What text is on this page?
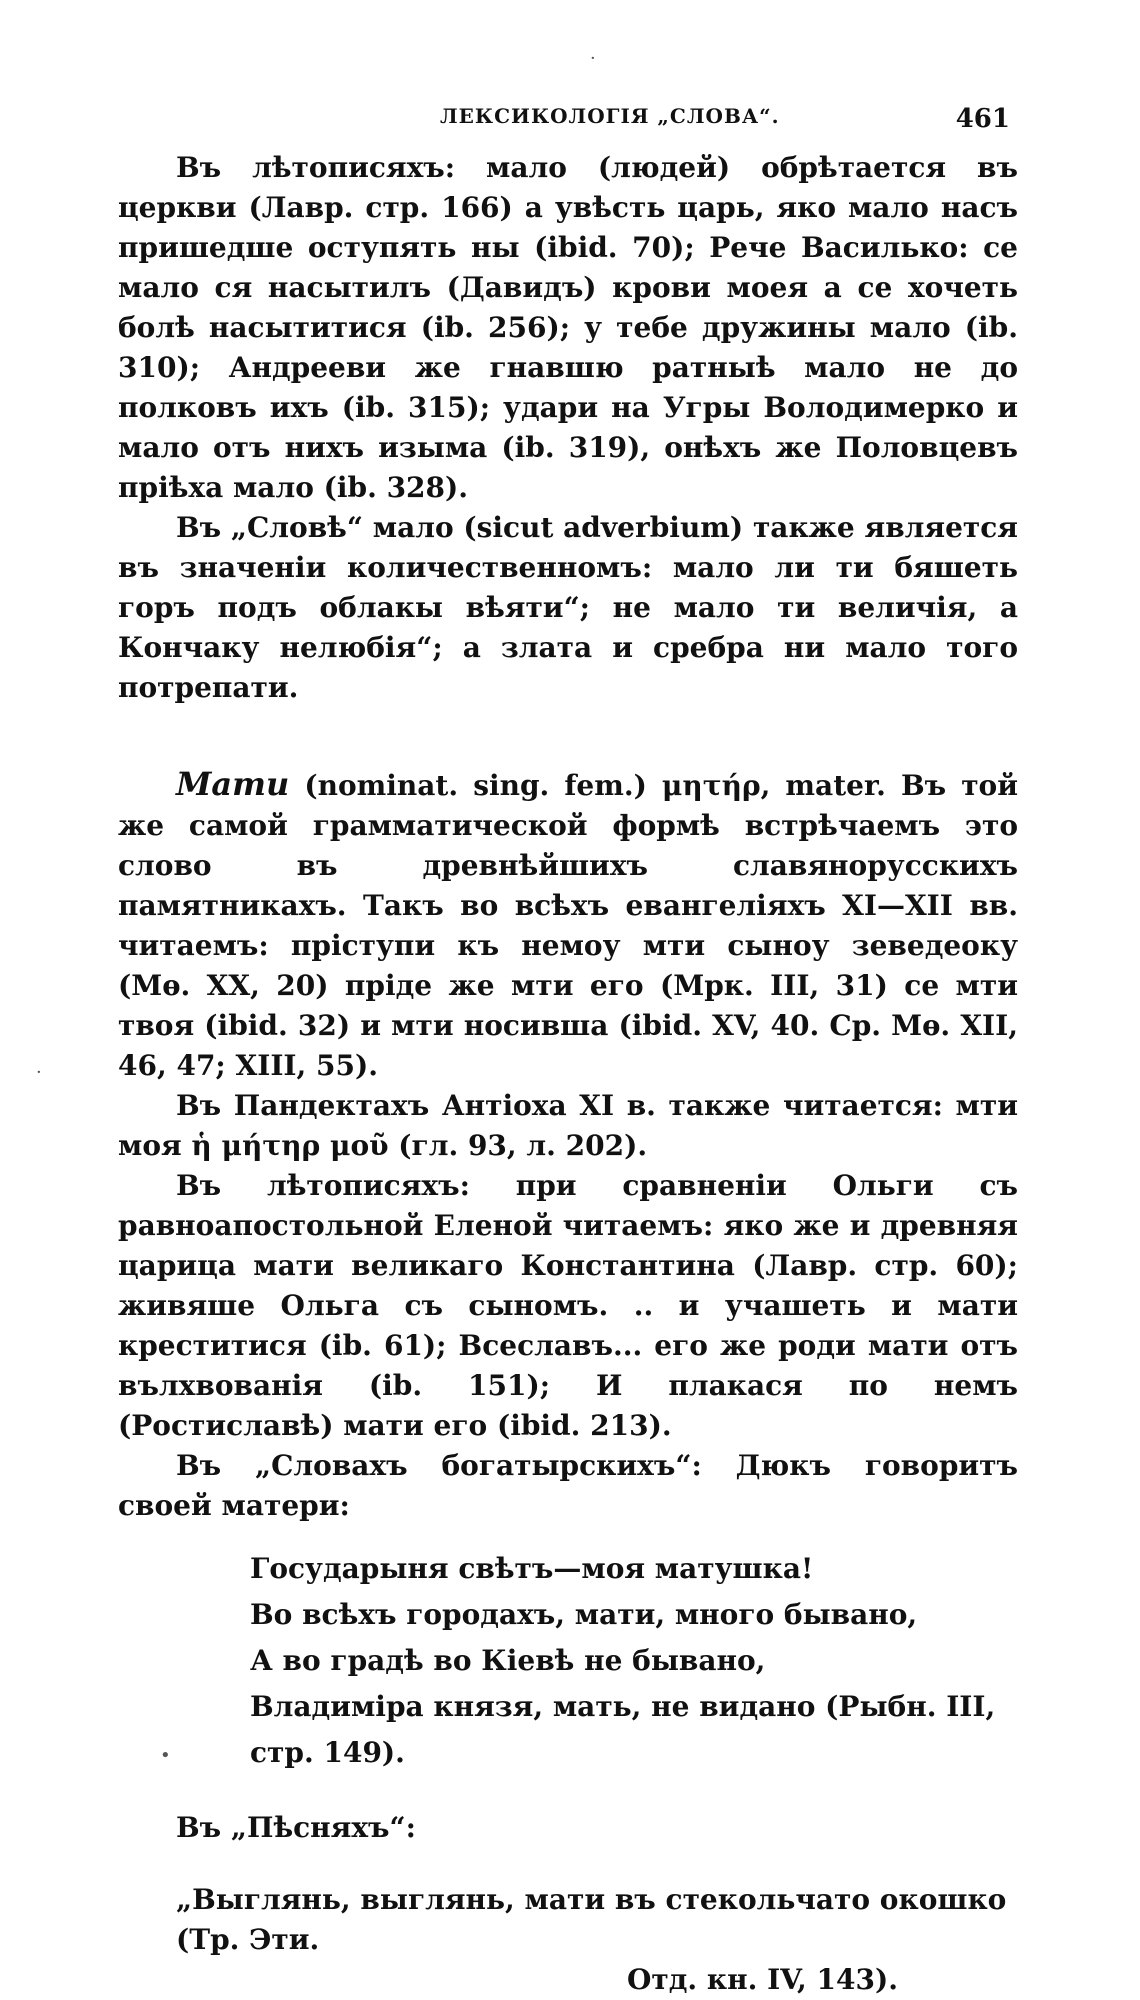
·
·
•
ЛЕКСИКОЛОГІЯ „СЛОВА“.	461

Въ лѣтописяхъ: мало (людей) обрѣтается въ церкви (Лавр. стр. 166) а увѣсть царь, яко мало насъ пришедше оступять ны (ibid. 70); Рече Василько: се мало ся насытилъ (Давидъ) крови моея а се хочеть болѣ насытитися (ib. 256); у тебе дружины мало (ib. 310); Андрееви же гнавшю ратныѣ мало не до полковъ ихъ (ib. 315); удари на Угры Володимерко и мало отъ нихъ изыма (ib. 319), онѣхъ же Половцевъ пріѣха мало (ib. 328).

Въ „Словѣ“ мало (sicut adverbium) также является въ значеніи количественномъ: мало ли ти бяшеть горъ подъ облакы вѣяти“; не мало ти величія, а Кончаку нелюбія“; а злата и сребра ни мало того потрепати.

Мати (nominat. sing. fem.) μητήρ, mater. Въ той же самой грамматической формѣ встрѣчаемъ это слово въ древнѣйшихъ славянорусскихъ памятникахъ. Такъ во всѣхъ евангеліяхъ XI—XII вв. читаемъ: пріступи къ немоу мти сыноу зеведеоку (Мѳ. XX, 20) пріде же мти его (Мрк. III, 31) се мти твоя (ibid. 32) и мти носивша (ibid. XV, 40. Ср. Мѳ. XII, 46, 47; XIII, 55).

Въ Пандектахъ Антіоха XI в. также читается: мти моя ἡ μήτηρ μοῦ (гл. 93, л. 202).

Въ лѣтописяхъ: при сравненіи Ольги съ равноапостольной Еленой читаемъ: яко же и древняя царица мати великаго Константина (Лавр. стр. 60); живяше Ольга съ сыномъ. .. и учашеть и мати креститися (ib. 61); Всеславъ... его же роди мати отъ вълхвованія (ib. 151); И плакася по немъ (Ростиславѣ) мати его (ibid. 213).

Въ „Словахъ богатырскихъ“: Дюкъ говоритъ своей матери:

Государыня свѣтъ—моя матушка!
Во всѣхъ городахъ, мати, много бывано,
А во градѣ во Кіевѣ не бывано,
Владиміра князя, мать, не видано (Рыбн. III, стр. 149).

Въ „Пѣсняхъ“:

„Выглянь, выглянь, мати въ стекольчато окошко (Тр. Эти.
Отд. кн. IV, 143).
